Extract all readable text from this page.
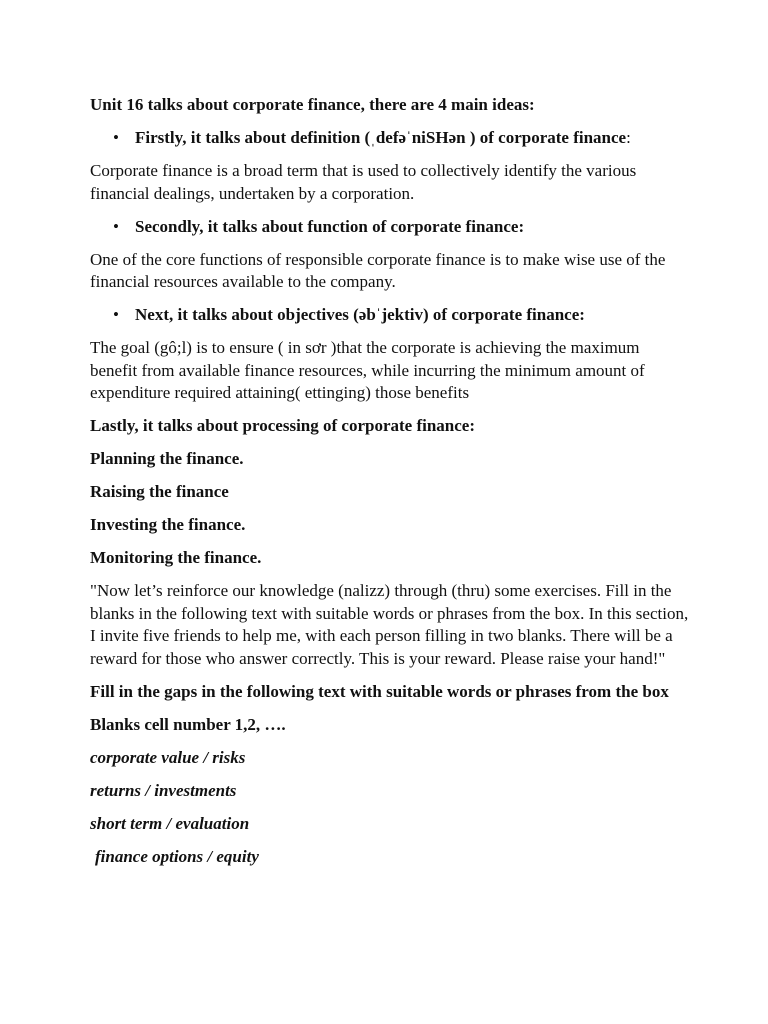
Unit 16 talks about corporate finance, there are 4 main ideas:

• Firstly, it talks about definition (ˌdefəˈniSHən ) of corporate finance:

Corporate finance is a broad term that is used to collectively identify the various financial dealings, undertaken by a corporation.

• Secondly, it talks about function of corporate finance:

One of the core functions of responsible corporate finance is to make wise use of the financial resources available to the company.

• Next, it talks about objectives (əbˈjektiv) of corporate finance:

The goal (gô;l) is to ensure ( in sơr )that the corporate is achieving the maximum benefit from available finance resources, while incurring the minimum amount of expenditure required attaining( ettinging) those benefits

Lastly, it talks about processing of corporate finance:

Planning the finance.

Raising the finance

Investing the finance.

Monitoring the finance.

"Now let’s reinforce our knowledge (nalizz) through (thru) some exercises. Fill in the blanks in the following text with suitable words or phrases from the box. In this section, I invite five friends to help me, with each person filling in two blanks. There will be a reward for those who answer correctly. This is your reward. Please raise your hand!"

Fill in the gaps in the following text with suitable words or phrases from the box

Blanks cell number 1,2, ….

corporate value / risks

returns / investments

short term / evaluation

finance options / equity
